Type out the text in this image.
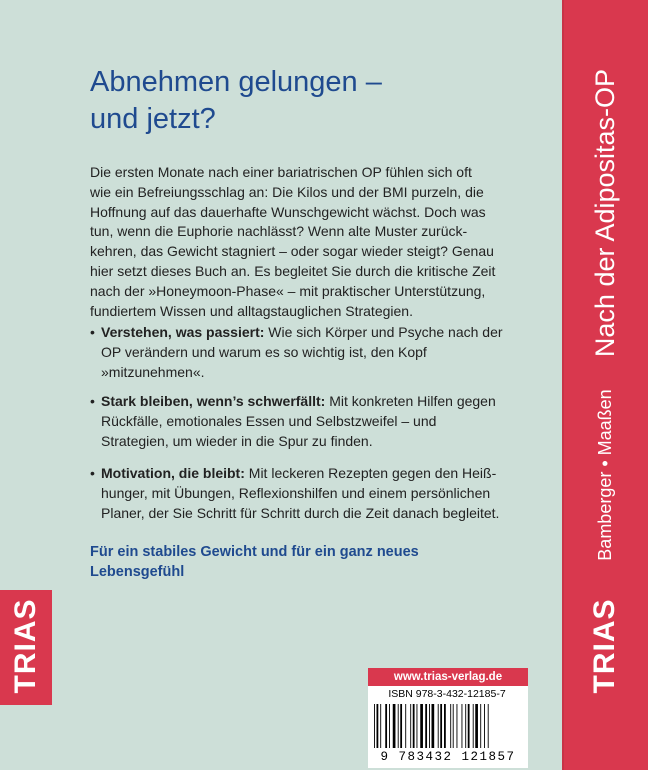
Abnehmen gelungen –
und jetzt?

Die ersten Monate nach einer bariatrischen OP fühlen sich oft
wie ein Befreiungsschlag an: Die Kilos und der BMI purzeln, die
Hoffnung auf das dauerhafte Wunschgewicht wächst. Doch was
tun, wenn die Euphorie nachlässt? Wenn alte Muster zurück-
kehren, das Gewicht stagniert – oder sogar wieder steigt? Genau
hier setzt dieses Buch an. Es begleitet Sie durch die kritische Zeit
nach der »Honeymoon-Phase« – mit praktischer Unterstützung,
fundiertem Wissen und alltagstauglichen Strategien.

• Verstehen, was passiert: Wie sich Körper und Psyche nach der
OP verändern und warum es so wichtig ist, den Kopf
»mitzunehmen«.
• Stark bleiben, wenn’s schwerfällt: Mit konkreten Hilfen gegen
Rückfälle, emotionales Essen und Selbstzweifel – und
Strategien, um wieder in die Spur zu finden.
• Motivation, die bleibt: Mit leckeren Rezepten gegen den Heiß-
hunger, mit Übungen, Reflexionshilfen und einem persönlichen
Planer, der Sie Schritt für Schritt durch die Zeit danach begleitet.
Für ein stabiles Gewicht und für ein ganz neues
Lebensgefühl
TRIAS
Nach der Adipositas-OP
Bamberger • Maaßen
TRIAS
www.trias-verlag.de
ISBN 978-3-432-12185-7
9 783432 121857
